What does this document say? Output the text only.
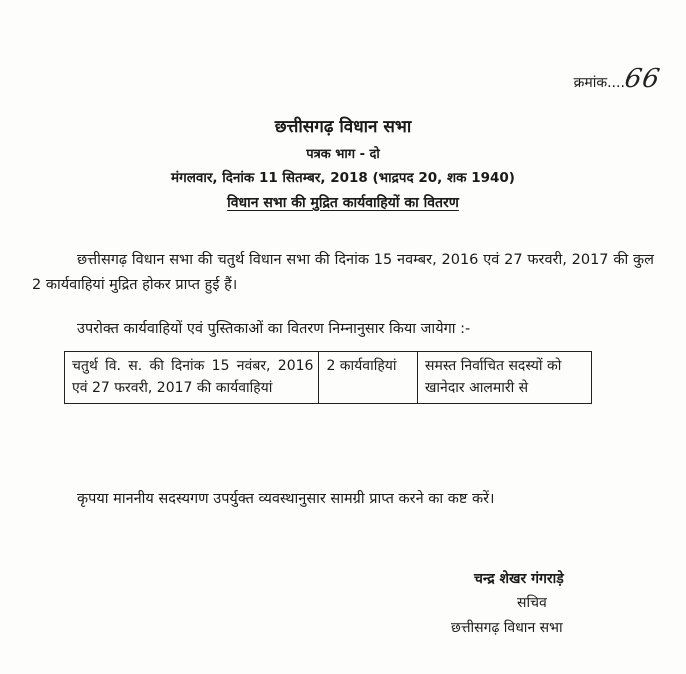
क्रमांक....66
छत्तीसगढ़ विधान सभा
पत्रक भाग - दो
मंगलवार, दिनांक 11 सितम्बर, 2018 (भाद्रपद 20, शक 1940)
विधान सभा की मुद्रित कार्यवाहियों का वितरण
छत्तीसगढ़ विधान सभा की चतुर्थ विधान सभा की दिनांक 15 नवम्बर, 2016 एवं 27 फरवरी, 2017 की कुल 2 कार्यवाहियां मुद्रित होकर प्राप्त हुई हैं।
उपरोक्त कार्यवाहियों एवं पुस्तिकाओं का वितरण निम्नानुसार किया जायेगा :-
चतुर्थ वि. स. की दिनांक 15 नवंबर, 2016 एवं 27 फरवरी, 2017 की कार्यवाहियां	2 कार्यवाहियां	समस्त निर्वाचित सदस्यों को खानेदार आलमारी से
कृपया माननीय सदस्यगण उपर्युक्त व्यवस्थानुसार सामग्री प्राप्त करने का कष्ट करें।
चन्द्र शेखर गंगराड़े
सचिव
छत्तीसगढ़ विधान सभा
